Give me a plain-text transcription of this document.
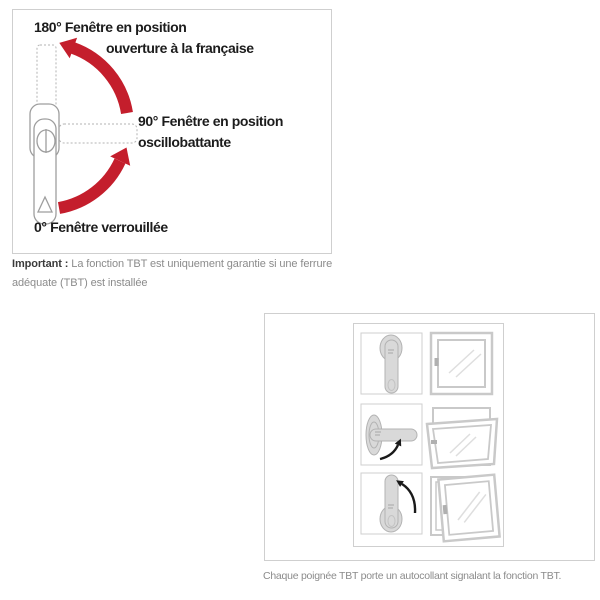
180° Fenêtre en position
ouverture à la française
90° Fenêtre en position
oscillobattante
0° Fenêtre verrouillée

Important : La fonction TBT est uniquement garantie si une ferrure
adéquate (TBT) est installée

Chaque poignée TBT porte un autocollant signalant la fonction TBT.
